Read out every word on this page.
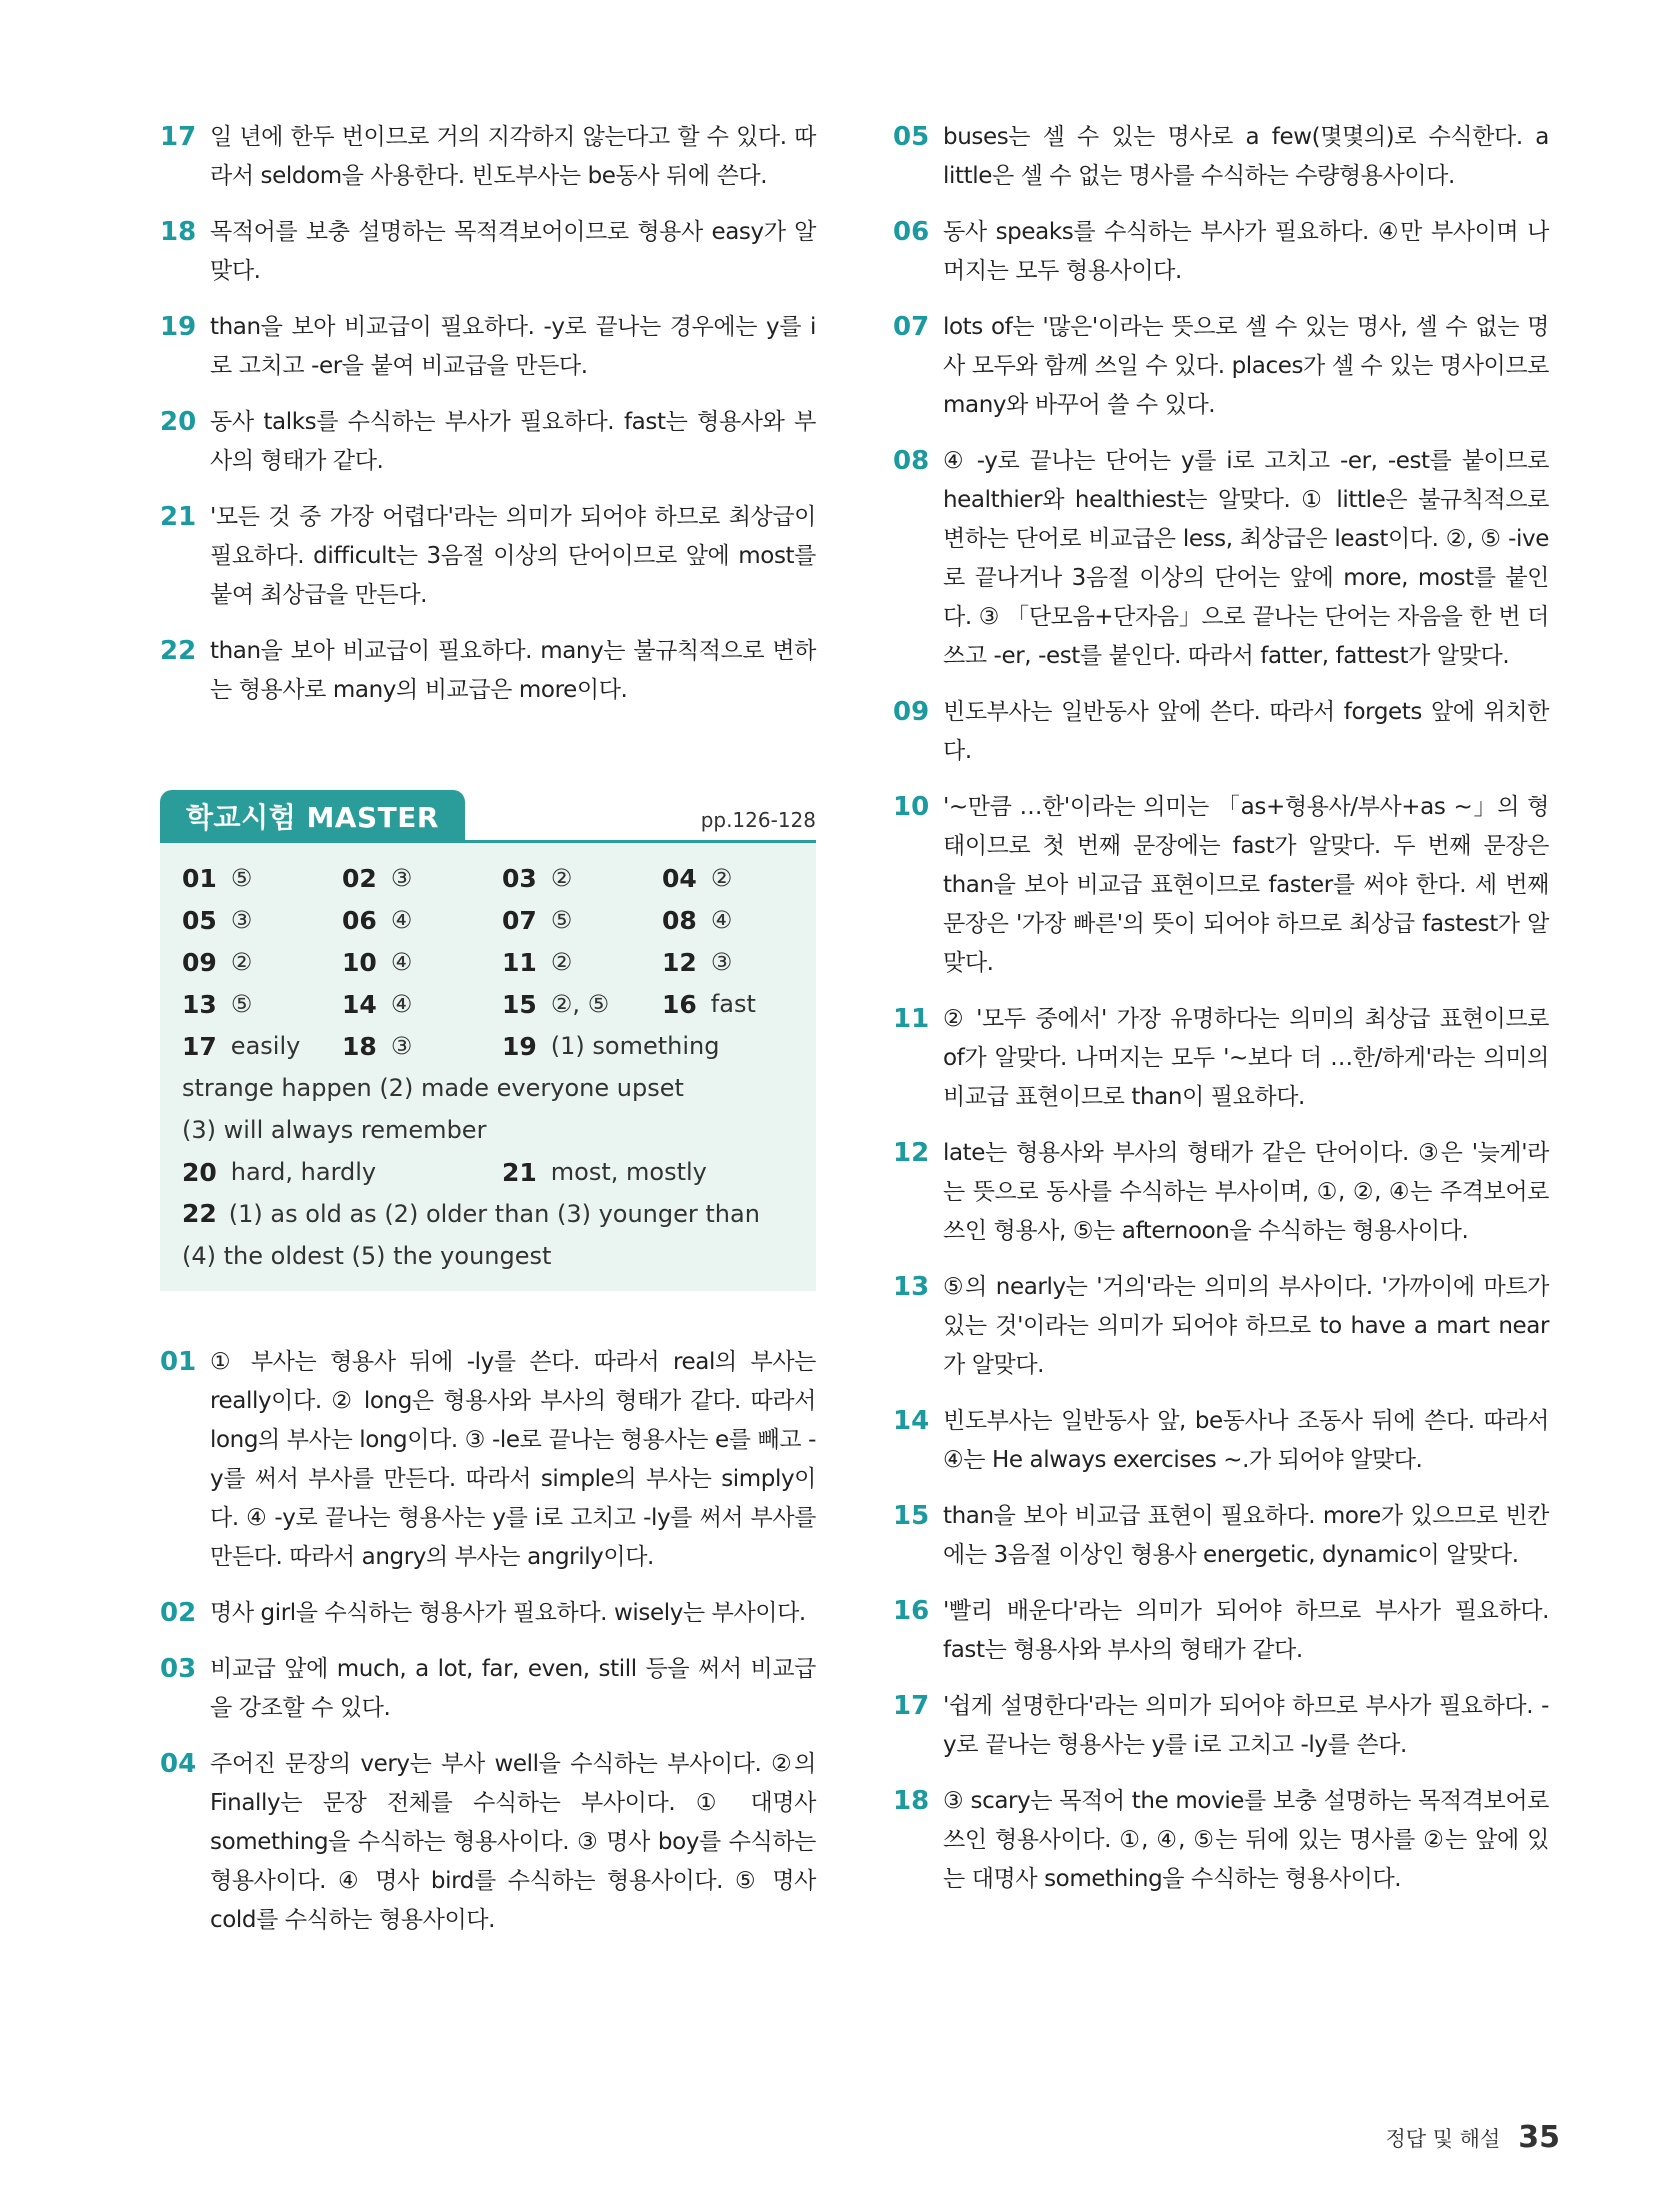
17 일 년에 한두 번이므로 거의 지각하지 않는다고 할 수 있다. 따라서 seldom을 사용한다. 빈도부사는 be동사 뒤에 쓴다.
18 목적어를 보충 설명하는 목적격보어이므로 형용사 easy가 알맞다.
19 than을 보아 비교급이 필요하다. -y로 끝나는 경우에는 y를 i로 고치고 -er을 붙여 비교급을 만든다.
20 동사 talks를 수식하는 부사가 필요하다. fast는 형용사와 부사의 형태가 같다.
21 '모든 것 중 가장 어렵다'라는 의미가 되어야 하므로 최상급이 필요하다. difficult는 3음절 이상의 단어이므로 앞에 most를 붙여 최상급을 만든다.
22 than을 보아 비교급이 필요하다. many는 불규칙적으로 변하는 형용사로 many의 비교급은 more이다.
학교시험 MASTER	pp.126-128
01 ⑤	02 ③	03 ②	04 ②
05 ③	06 ④	07 ⑤	08 ④
09 ②	10 ④	11 ②	12 ③
13 ⑤	14 ④	15 ②, ⑤ 16 fast
17 easily 18 ③	19 (1) something
strange happen (2) made everyone upset
(3) will always remember
20 hard, hardly	21 most, mostly
22 (1) as old as (2) older than (3) younger than
(4) the oldest (5) the youngest
01 ① 부사는 형용사 뒤에 -ly를 쓴다. 따라서 real의 부사는 really이다. ② long은 형용사와 부사의 형태가 같다. 따라서 long의 부사는 long이다. ③ -le로 끝나는 형용사는 e를 빼고 -y를 써서 부사를 만든다. 따라서 simple의 부사는 simply이다. ④ -y로 끝나는 형용사는 y를 i로 고치고 -ly를 써서 부사를 만든다. 따라서 angry의 부사는 angrily이다.
02 명사 girl을 수식하는 형용사가 필요하다. wisely는 부사이다.
03 비교급 앞에 much, a lot, far, even, still 등을 써서 비교급을 강조할 수 있다.
04 주어진 문장의 very는 부사 well을 수식하는 부사이다. ②의 Finally는 문장 전체를 수식하는 부사이다. ① 대명사 something을 수식하는 형용사이다. ③ 명사 boy를 수식하는 형용사이다. ④ 명사 bird를 수식하는 형용사이다. ⑤ 명사 cold를 수식하는 형용사이다.
05 buses는 셀 수 있는 명사로 a few(몇몇의)로 수식한다. a little은 셀 수 없는 명사를 수식하는 수량형용사이다.
06 동사 speaks를 수식하는 부사가 필요하다. ④만 부사이며 나머지는 모두 형용사이다.
07 lots of는 '많은'이라는 뜻으로 셀 수 있는 명사, 셀 수 없는 명사 모두와 함께 쓰일 수 있다. places가 셀 수 있는 명사이므로 many와 바꾸어 쓸 수 있다.
08 ④ -y로 끝나는 단어는 y를 i로 고치고 -er, -est를 붙이므로 healthier와 healthiest는 알맞다. ① little은 불규칙적으로 변하는 단어로 비교급은 less, 최상급은 least이다. ②, ⑤ -ive로 끝나거나 3음절 이상의 단어는 앞에 more, most를 붙인다. ③ 「단모음+단자음」으로 끝나는 단어는 자음을 한 번 더 쓰고 -er, -est를 붙인다. 따라서 fatter, fattest가 알맞다.
09 빈도부사는 일반동사 앞에 쓴다. 따라서 forgets 앞에 위치한다.
10 '~만큼 …한'이라는 의미는 「as+형용사/부사+as ~」의 형태이므로 첫 번째 문장에는 fast가 알맞다. 두 번째 문장은 than을 보아 비교급 표현이므로 faster를 써야 한다. 세 번째 문장은 '가장 빠른'의 뜻이 되어야 하므로 최상급 fastest가 알맞다.
11 ② '모두 중에서' 가장 유명하다는 의미의 최상급 표현이므로 of가 알맞다. 나머지는 모두 '~보다 더 …한/하게'라는 의미의 비교급 표현이므로 than이 필요하다.
12 late는 형용사와 부사의 형태가 같은 단어이다. ③은 '늦게'라는 뜻으로 동사를 수식하는 부사이며, ①, ②, ④는 주격보어로 쓰인 형용사, ⑤는 afternoon을 수식하는 형용사이다.
13 ⑤의 nearly는 '거의'라는 의미의 부사이다. '가까이에 마트가 있는 것'이라는 의미가 되어야 하므로 to have a mart near가 알맞다.
14 빈도부사는 일반동사 앞, be동사나 조동사 뒤에 쓴다. 따라서 ④는 He always exercises ~.가 되어야 알맞다.
15 than을 보아 비교급 표현이 필요하다. more가 있으므로 빈칸에는 3음절 이상인 형용사 energetic, dynamic이 알맞다.
16 '빨리 배운다'라는 의미가 되어야 하므로 부사가 필요하다. fast는 형용사와 부사의 형태가 같다.
17 '쉽게 설명한다'라는 의미가 되어야 하므로 부사가 필요하다. -y로 끝나는 형용사는 y를 i로 고치고 -ly를 쓴다.
18 ③ scary는 목적어 the movie를 보충 설명하는 목적격보어로 쓰인 형용사이다. ①, ④, ⑤는 뒤에 있는 명사를 ②는 앞에 있는 대명사 something을 수식하는 형용사이다.
정답 및 해설 35
